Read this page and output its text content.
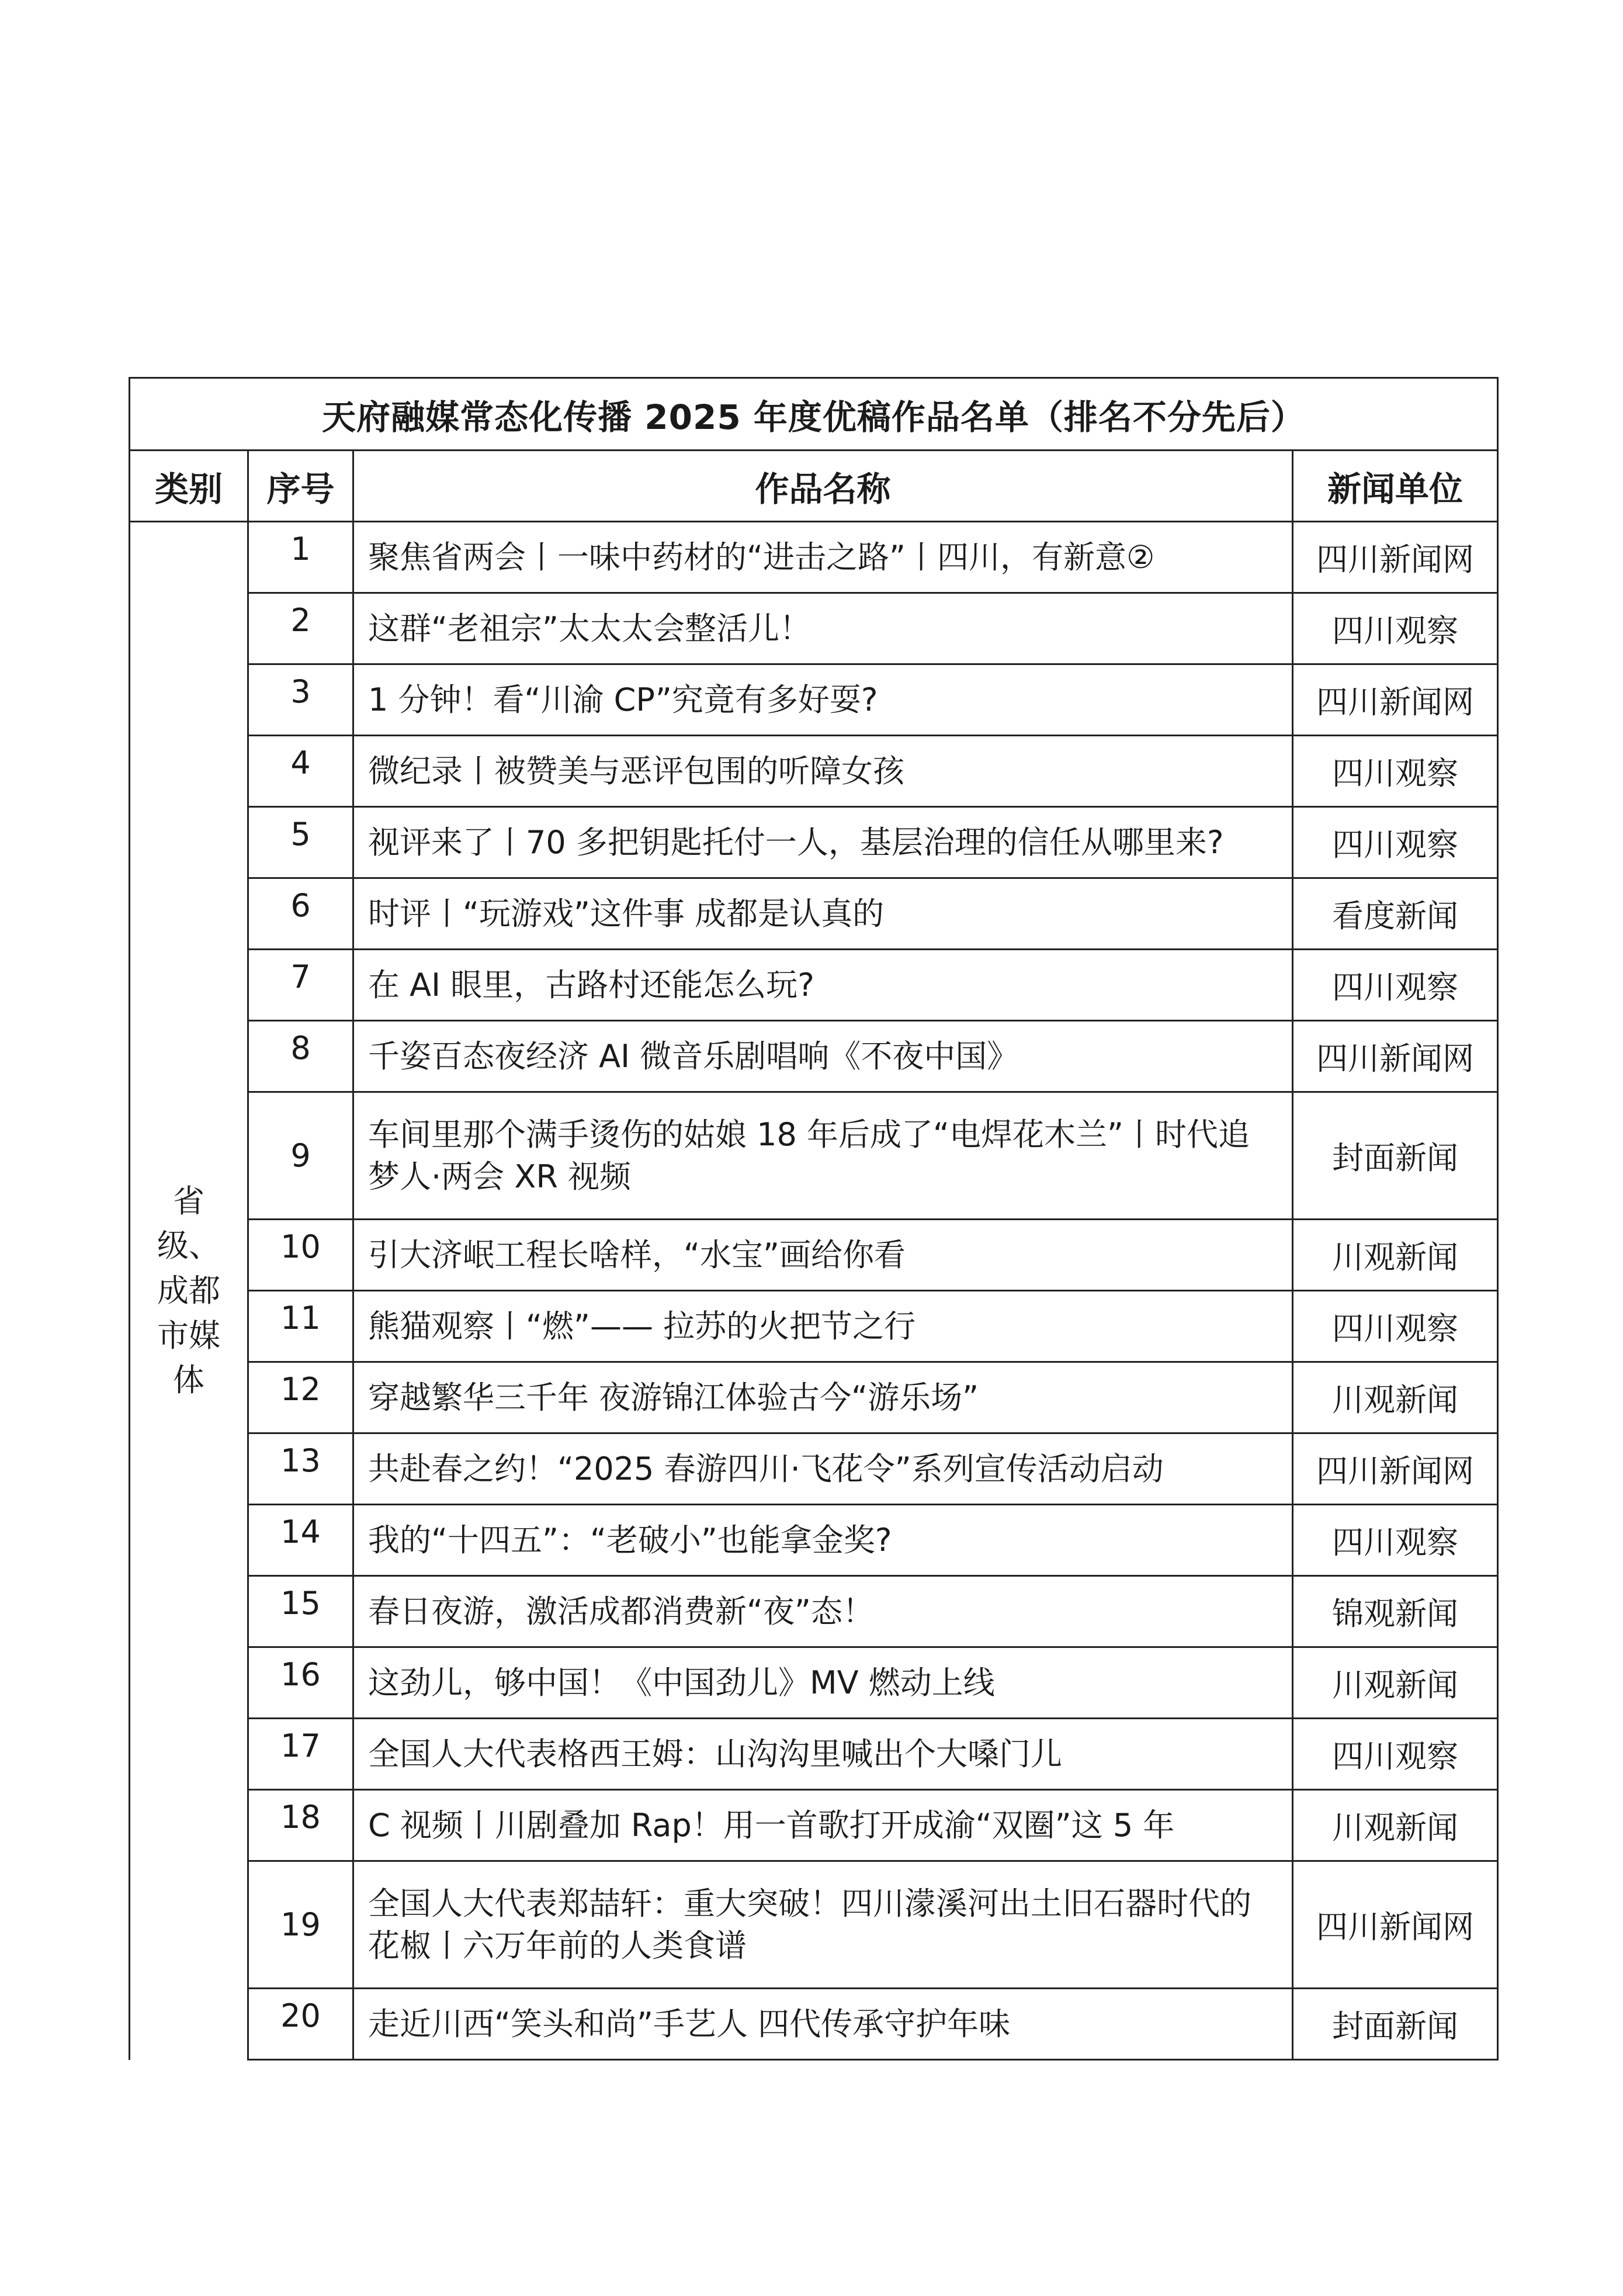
天府融媒常态化传播 2025 年度优稿作品名单（排名不分先后）			
类别	序号	作品名称	新闻单位
省级、成都市媒体	1	聚焦省两会丨一味中药材的“进击之路”丨四川，有新意②	四川新闻网
	2	这群“老祖宗”太太太会整活儿！	四川观察
	3	1 分钟！看“川渝 CP”究竟有多好耍?	四川新闻网
	4	微纪录丨被赞美与恶评包围的听障女孩	四川观察
	5	视评来了丨70 多把钥匙托付一人，基层治理的信任从哪里来?	四川观察
	6	时评丨“玩游戏”这件事 成都是认真的	看度新闻
	7	在 AI 眼里，古路村还能怎么玩?	四川观察
	8	千姿百态夜经济 AI 微音乐剧唱响《不夜中国》	四川新闻网
	9	车间里那个满手烫伤的姑娘 18 年后成了“电焊花木兰”丨时代追梦人·两会 XR 视频	封面新闻
	10	引大济岷工程长啥样，“水宝”画给你看	川观新闻
	11	熊猫观察丨“燃”—— 拉苏的火把节之行	四川观察
	12	穿越繁华三千年 夜游锦江体验古今“游乐场”	川观新闻
	13	共赴春之约！“2025 春游四川·飞花令”系列宣传活动启动	四川新闻网
	14	我的“十四五”：“老破小”也能拿金奖?	四川观察
	15	春日夜游，激活成都消费新“夜”态！	锦观新闻
	16	这劲儿，够中国！《中国劲儿》MV 燃动上线	川观新闻
	17	全国人大代表格西王姆：山沟沟里喊出个大嗓门儿	四川观察
	18	C 视频丨川剧叠加 Rap！用一首歌打开成渝“双圈”这 5 年	川观新闻
	19	全国人大代表郑喆轩：重大突破！四川濛溪河出土旧石器时代的花椒丨六万年前的人类食谱	四川新闻网
	20	走近川西“笑头和尚”手艺人 四代传承守护年味	封面新闻
